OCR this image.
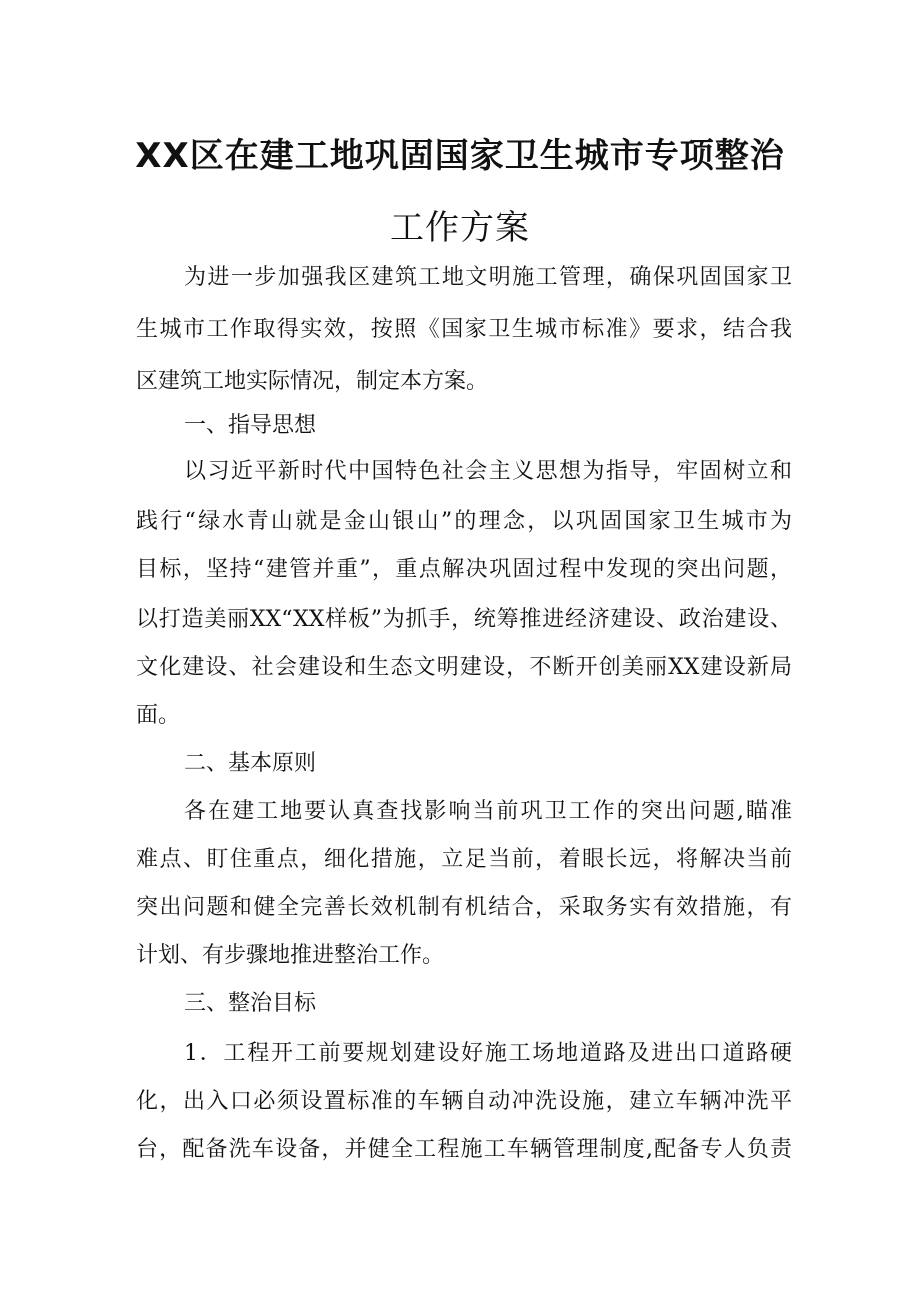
XX区在建工地巩固国家卫生城市专项整治
工作方案

为进一步加强我区建筑工地文明施工管理，确保巩固国家卫

生城市工作取得实效，按照《国家卫生城市标准》要求，结合我

区建筑工地实际情况，制定本方案。

一、指导思想

以习近平新时代中国特色社会主义思想为指导，牢固树立和

践行“绿水青山就是金山银山”的理念，以巩固国家卫生城市为

目标，坚持“建管并重”，重点解决巩固过程中发现的突出问题，

以打造美丽XX“XX样板”为抓手，统筹推进经济建设、政治建设、

文化建设、社会建设和生态文明建设，不断开创美丽XX建设新局

面。

二、基本原则

各在建工地要认真查找影响当前巩卫工作的突出问题,瞄准

难点、盯住重点，细化措施，立足当前，着眼长远，将解决当前

突出问题和健全完善长效机制有机结合，采取务实有效措施，有

计划、有步骤地推进整治工作。

三、整治目标

1．工程开工前要规划建设好施工场地道路及进出口道路硬

化，出入口必须设置标准的车辆自动冲洗设施，建立车辆冲洗平

台，配备洗车设备，并健全工程施工车辆管理制度,配备专人负责
